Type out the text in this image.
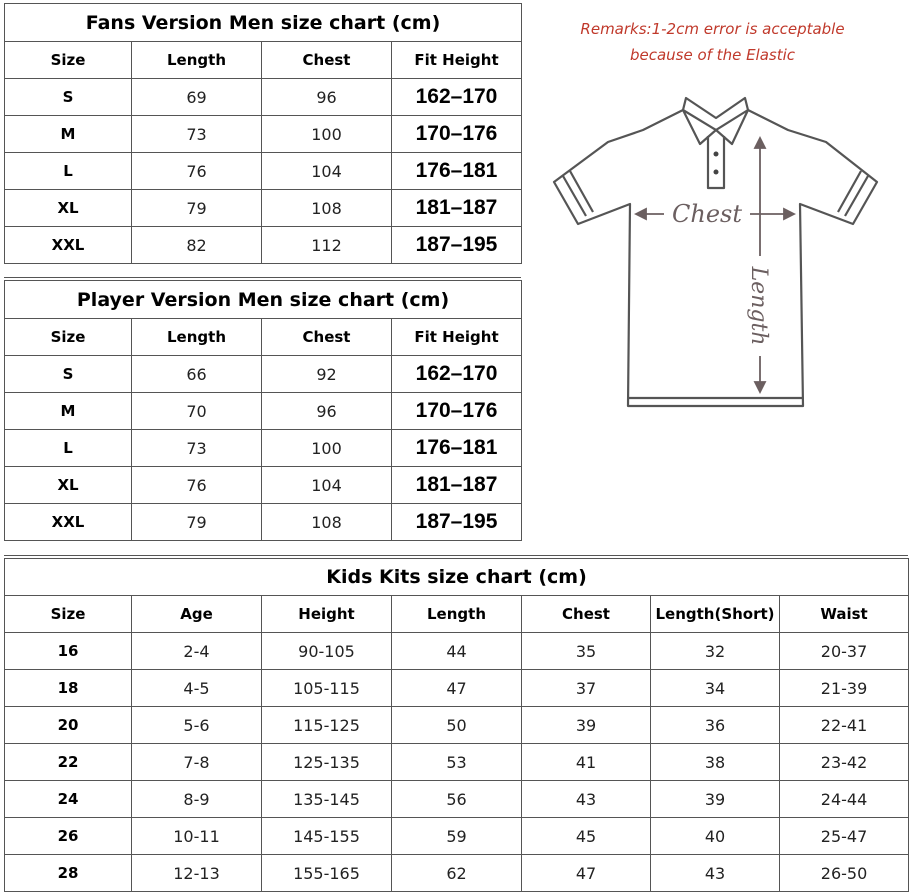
Fans Version Men size chart (cm)			
Size	Length	Chest	Fit Height
S	69	96	162–170
M	73	100	170–176
L	76	104	176–181
XL	79	108	181–187
XXL	82	112	187–195
Player Version Men size chart (cm)			
Size	Length	Chest	Fit Height
S	66	92	162–170
M	70	96	170–176
L	73	100	176–181
XL	76	104	181–187
XXL	79	108	187–195
Kids Kits size chart (cm)						
Size	Age	Height	Length	Chest	Length(Short)	Waist
16	2-4	90-105	44	35	32	20-37
18	4-5	105-115	47	37	34	21-39
20	5-6	115-125	50	39	36	22-41
22	7-8	125-135	53	41	38	23-42
24	8-9	135-145	56	43	39	24-44
26	10-11	145-155	59	45	40	25-47
28	12-13	155-165	62	47	43	26-50
Remarks:1-2cm error is acceptable
because of the Elastic
Chest
Length
